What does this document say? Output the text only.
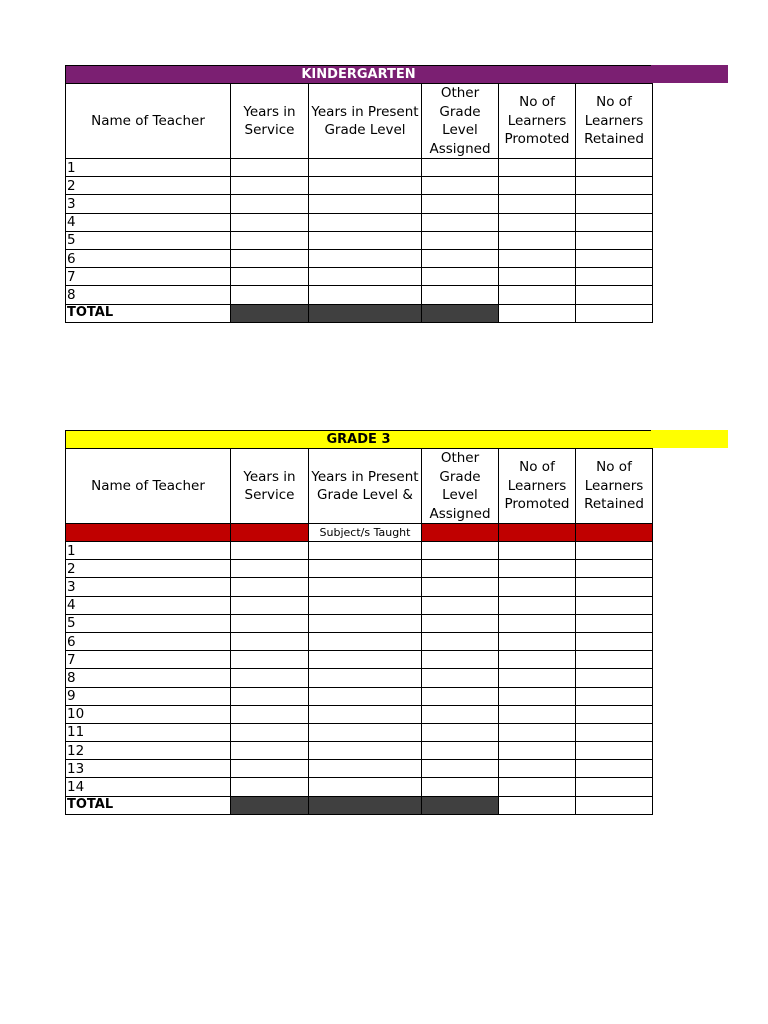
KINDERGARTEN
Name of Teacher	Years in Service	Years in Present Grade Level	Other Grade Level Assigned	No of Learners Promoted	No of Learners Retained
1					
2					
3					
4					
5					
6					
7					
8					
TOTAL					
GRADE 3
Name of Teacher	Years in Service	Years in Present Grade Level &	Other Grade Level Assigned	No of Learners Promoted	No of Learners Retained
		Subject/s Taught			
1					
2					
3					
4					
5					
6					
7					
8					
9					
10					
11					
12					
13					
14					
TOTAL					
